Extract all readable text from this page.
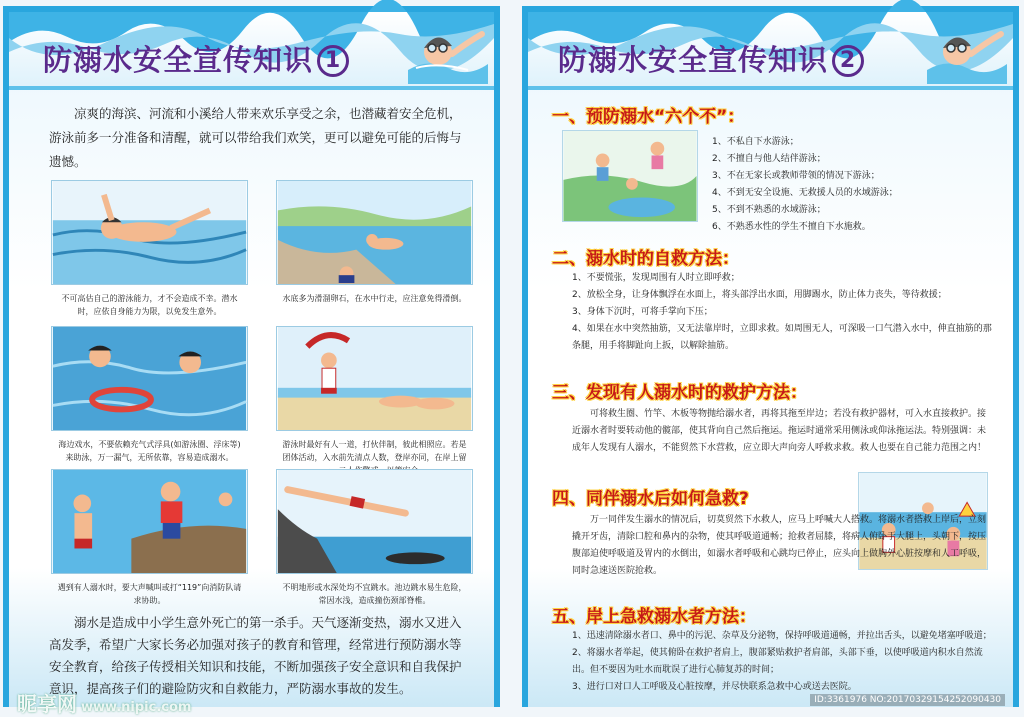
防溺水安全宣传知识 1
凉爽的海滨、河流和小溪给人带来欢乐享受之余，也潜藏着安全危机，游泳前多一分准备和清醒，就可以带给我们欢笑，更可以避免可能的后悔与遗憾。
不可高估自己的游泳能力，才不会造成不幸。潜水时，应依自身能力为限，以免发生意外。
水底多为滑溜卵石，在水中行走，应注意免得滑倒。
海边戏水，不要依赖充气式浮具(如游泳圈、浮床等)来助泳，万一漏气，无所依靠，容易造成溺水。
游泳时最好有人一道，打伙伴制，彼此相照应。若是团体活动，入水前先清点人数，登岸亦同，在岸上留
遇到有人溺水时，要大声喊叫或打“119”向消防队请求协助。
不明地形或水深处均不宜跳水。池边跳水易生危险，常因水浅，造成撞伤颈部脊椎。
溺水是造成中小学生意外死亡的第一杀手。天气逐渐变热，溺水又进入高发季，希望广大家长务必加强对孩子的教育和管理，经常进行预防溺水等安全教育，给孩子传授相关知识和技能，不断加强孩子安全意识和自我保护意识，提高孩子们的避险防灾和自救能力，严防溺水事故的发生。
昵享网 www.nipic.com
防溺水安全宣传知识 2
一、预防溺水“六个不”：
1、不私自下水游泳；
2、不擅自与他人结伴游泳；
3、不在无家长或教师带领的情况下游泳；
4、不到无安全设施、无救援人员的水域游泳；
5、不到不熟悉的水域游泳；
6、不熟悉水性的学生不擅自下水施救。
二、溺水时的自救方法：
1、不要慌张，发现周围有人时立即呼救；
2、放松全身，让身体飘浮在水面上，将头部浮出水面，用脚踢水，防止体力丧失，等待救援；
3、身体下沉时，可将手掌向下压；
4、如果在水中突然抽筋，又无法靠岸时，立即求救。如周围无人，可深吸一口气潜入水中，伸直抽筋的那条腿，用手将脚趾向上扳，以解除抽筋。
三、发现有人溺水时的救护方法：
可将救生圈、竹竿、木板等物抛给溺水者，再将其拖至岸边；若没有救护器材，可入水直接救护。接近溺水者时要转动他的髋部，使其背向自己然后拖运。拖运时通常采用侧泳或仰泳拖运法。特别强调：未成年人发现有人溺水，不能贸然下水营救，应立即大声向旁人呼救求救。救人也要在自己能力范围之内！
四、同伴溺水后如何急救?
万一同伴发生溺水的情况后，切莫贸然下水救人，应马上呼喊大人搭救。将溺水者搭救上岸后，立刻撬开牙齿，清除口腔和鼻内的杂物，使其呼吸道通畅；抢救者屈膝，将病人俯卧于大腿上，头朝下，按压腹部迫使呼吸道及胃内的水倒出，如溺水者呼吸和心跳均已停止，应头向上做胸外心脏按摩和人工呼吸，同时急速送医院抢救。
五、岸上急救溺水者方法：
1、迅速清除溺水者口、鼻中的污泥、杂草及分泌物，保持呼吸道通畅，并拉出舌头，以避免堵塞呼吸道；
2、将溺水者举起，使其俯卧在救护者肩上，腹部紧贴救护者肩部，头部下垂，以使呼吸道内积水自然流出。但不要因为吐水而耽误了进行心肺复苏的时间；
3、进行口对口人工呼吸及心脏按摩，并尽快联系急救中心或送去医院。
ID:3361976 NO:20170329154252090430
